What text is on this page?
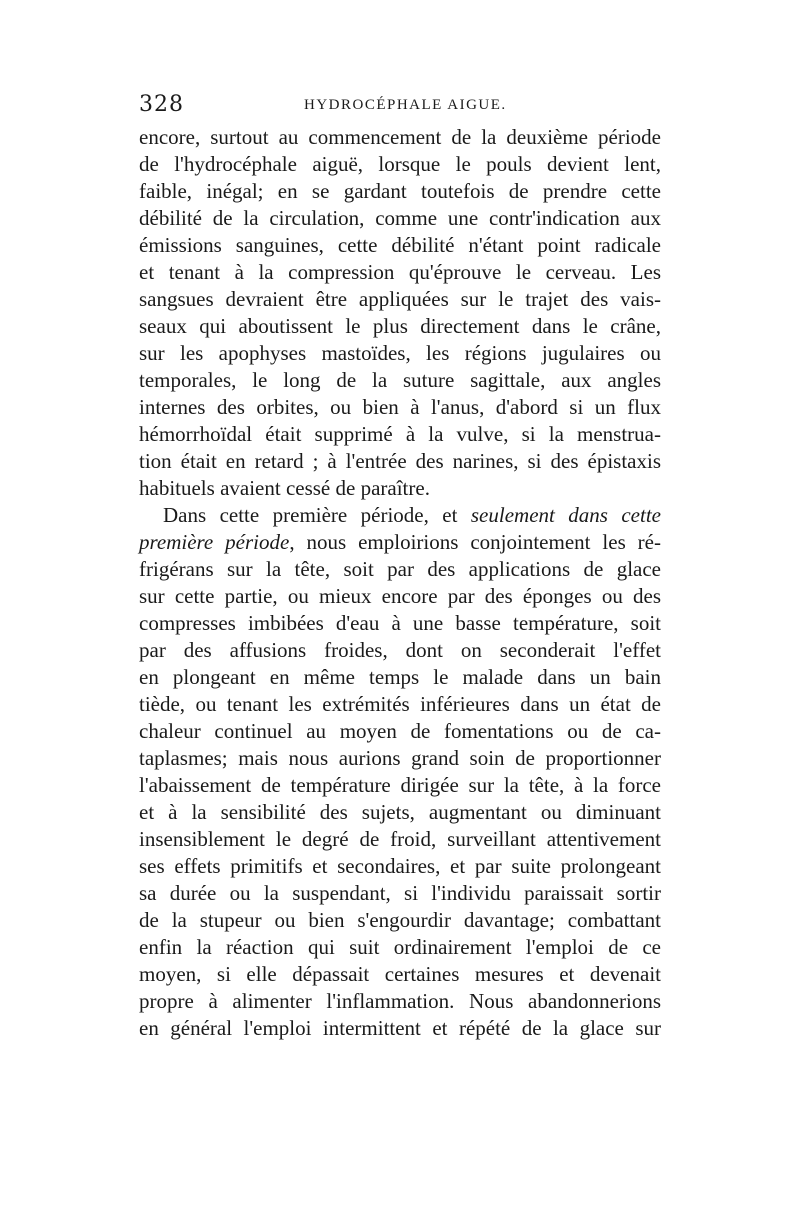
328	HYDROCÉPHALE AIGUE.
encore, surtout au commencement de la deuxième période
de l'hydrocéphale aiguë, lorsque le pouls devient lent,
faible, inégal; en se gardant toutefois de prendre cette
débilité de la circulation, comme une contr'indication aux
émissions sanguines, cette débilité n'étant point radicale
et tenant à la compression qu'éprouve le cerveau. Les
sangsues devraient être appliquées sur le trajet des vais-
seaux qui aboutissent le plus directement dans le crâne,
sur les apophyses mastoïdes, les régions jugulaires ou
temporales, le long de la suture sagittale, aux angles
internes des orbites, ou bien à l'anus, d'abord si un flux
hémorrhoïdal était supprimé à la vulve, si la menstrua-
tion était en retard ; à l'entrée des narines, si des épistaxis
habituels avaient cessé de paraître.
Dans cette première période, et seulement dans cette
première période, nous emploirions conjointement les ré-
frigérans sur la tête, soit par des applications de glace
sur cette partie, ou mieux encore par des éponges ou des
compresses imbibées d'eau à une basse température, soit
par des affusions froides, dont on seconderait l'effet
en plongeant en même temps le malade dans un bain
tiède, ou tenant les extrémités inférieures dans un état de
chaleur continuel au moyen de fomentations ou de ca-
taplasmes; mais nous aurions grand soin de proportionner
l'abaissement de température dirigée sur la tête, à la force
et à la sensibilité des sujets, augmentant ou diminuant
insensiblement le degré de froid, surveillant attentivement
ses effets primitifs et secondaires, et par suite prolongeant
sa durée ou la suspendant, si l'individu paraissait sortir
de la stupeur ou bien s'engourdir davantage; combattant
enfin la réaction qui suit ordinairement l'emploi de ce
moyen, si elle dépassait certaines mesures et devenait
propre à alimenter l'inflammation. Nous abandonnerions
en général l'emploi intermittent et répété de la glace sur
